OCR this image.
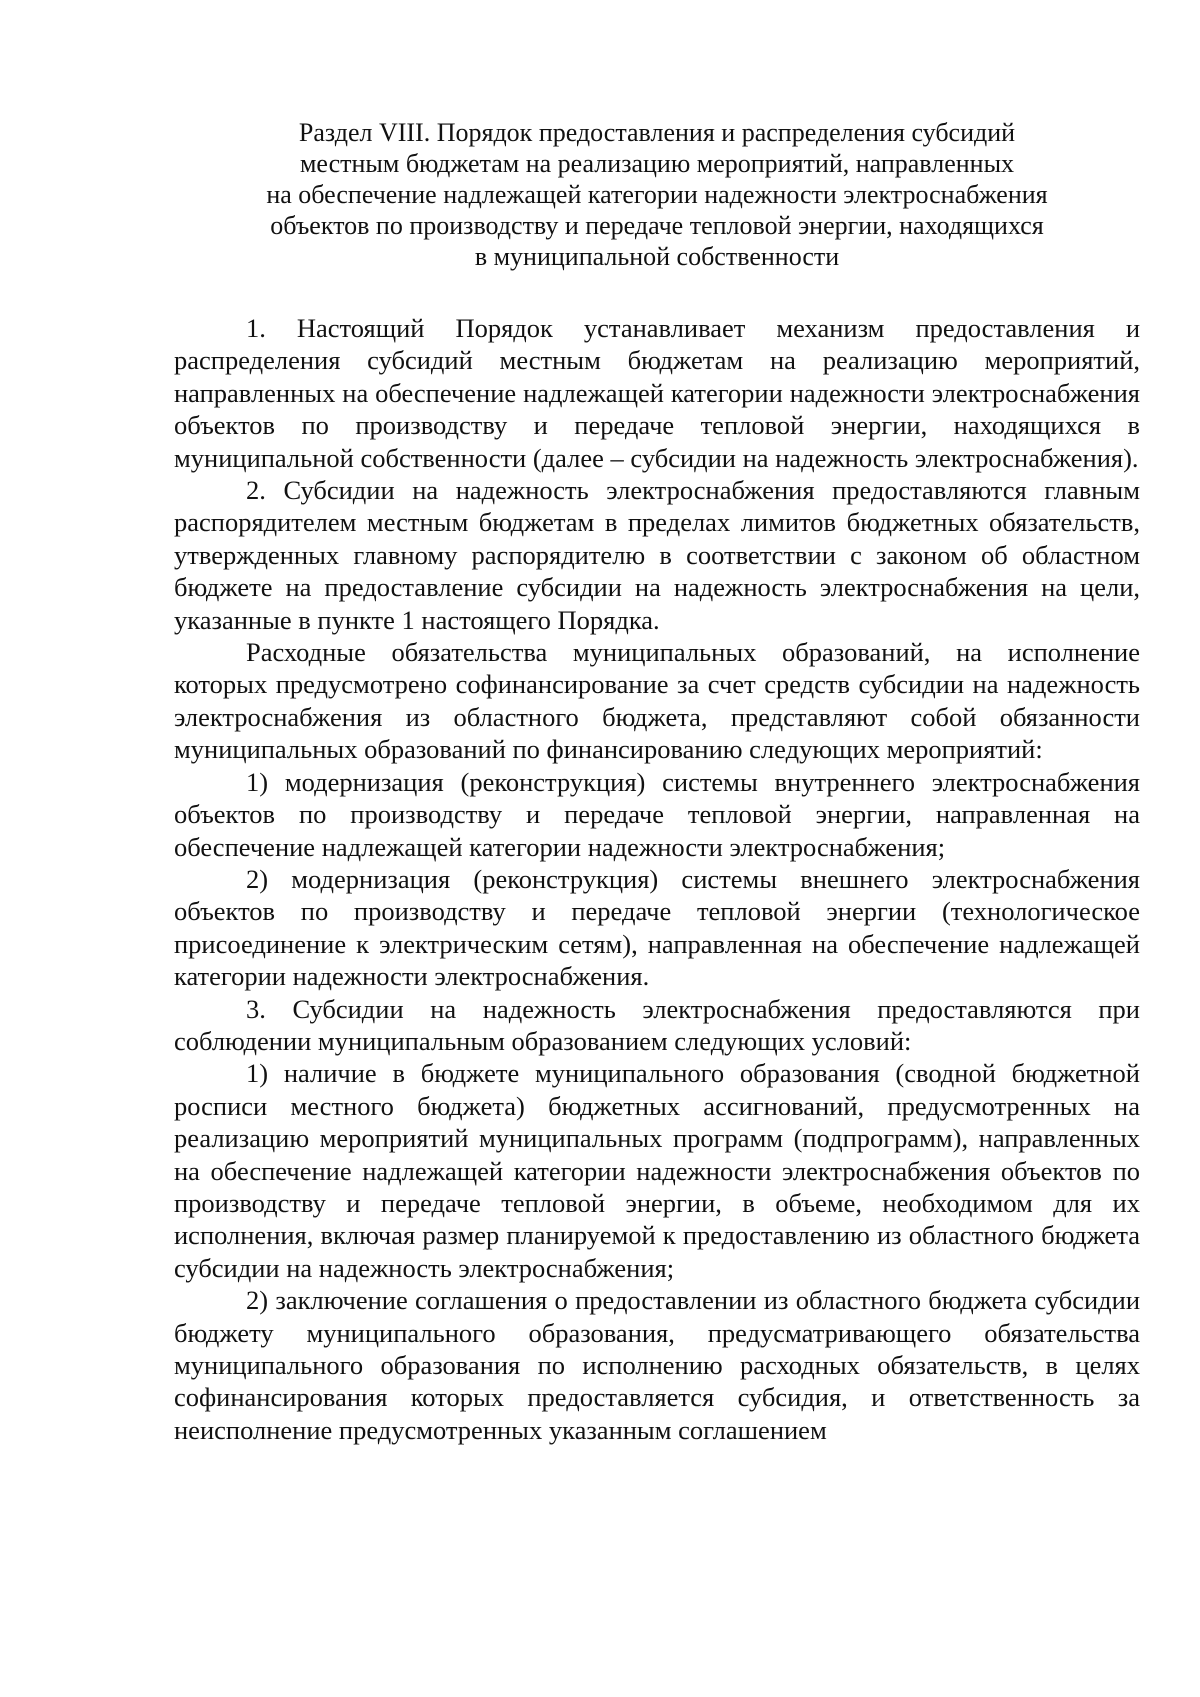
Раздел VIII. Порядок предоставления и распределения субсидий
местным бюджетам на реализацию мероприятий, направленных
на обеспечение надлежащей категории надежности электроснабжения
объектов по производству и передаче тепловой энергии, находящихся
в муниципальной собственности

1. Настоящий Порядок устанавливает механизм предоставления и распределения субсидий местным бюджетам на реализацию мероприятий, направленных на обеспечение надлежащей категории надежности электроснабжения объектов по производству и передаче тепловой энергии, находящихся в муниципальной собственности (далее – субсидии на надежность электроснабжения).

2. Субсидии на надежность электроснабжения предоставляются главным распорядителем местным бюджетам в пределах лимитов бюджетных обязательств, утвержденных главному распорядителю в соответствии с законом об областном бюджете на предоставление субсидии на надежность электроснабжения на цели, указанные в пункте 1 настоящего Порядка.

Расходные обязательства муниципальных образований, на исполнение которых предусмотрено софинансирование за счет средств субсидии на надежность электроснабжения из областного бюджета, представляют собой обязанности муниципальных образований по финансированию следующих мероприятий:

1) модернизация (реконструкция) системы внутреннего электроснабжения объектов по производству и передаче тепловой энергии, направленная на обеспечение надлежащей категории надежности электроснабжения;

2) модернизация (реконструкция) системы внешнего электроснабжения объектов по производству и передаче тепловой энергии (технологическое присоединение к электрическим сетям), направленная на обеспечение надлежащей категории надежности электроснабжения.

3. Субсидии на надежность электроснабжения предоставляются при соблюдении муниципальным образованием следующих условий:

1) наличие в бюджете муниципального образования (сводной бюджетной росписи местного бюджета) бюджетных ассигнований, предусмотренных на реализацию мероприятий муниципальных программ (подпрограмм), направленных на обеспечение надлежащей категории надежности электроснабжения объектов по производству и передаче тепловой энергии, в объеме, необходимом для их исполнения, включая размер планируемой к предоставлению из областного бюджета субсидии на надежность электроснабжения;

2) заключение соглашения о предоставлении из областного бюджета субсидии бюджету муниципального образования, предусматривающего обязательства муниципального образования по исполнению расходных обязательств, в целях софинансирования которых предоставляется субсидия, и ответственность за неисполнение предусмотренных указанным соглашением
